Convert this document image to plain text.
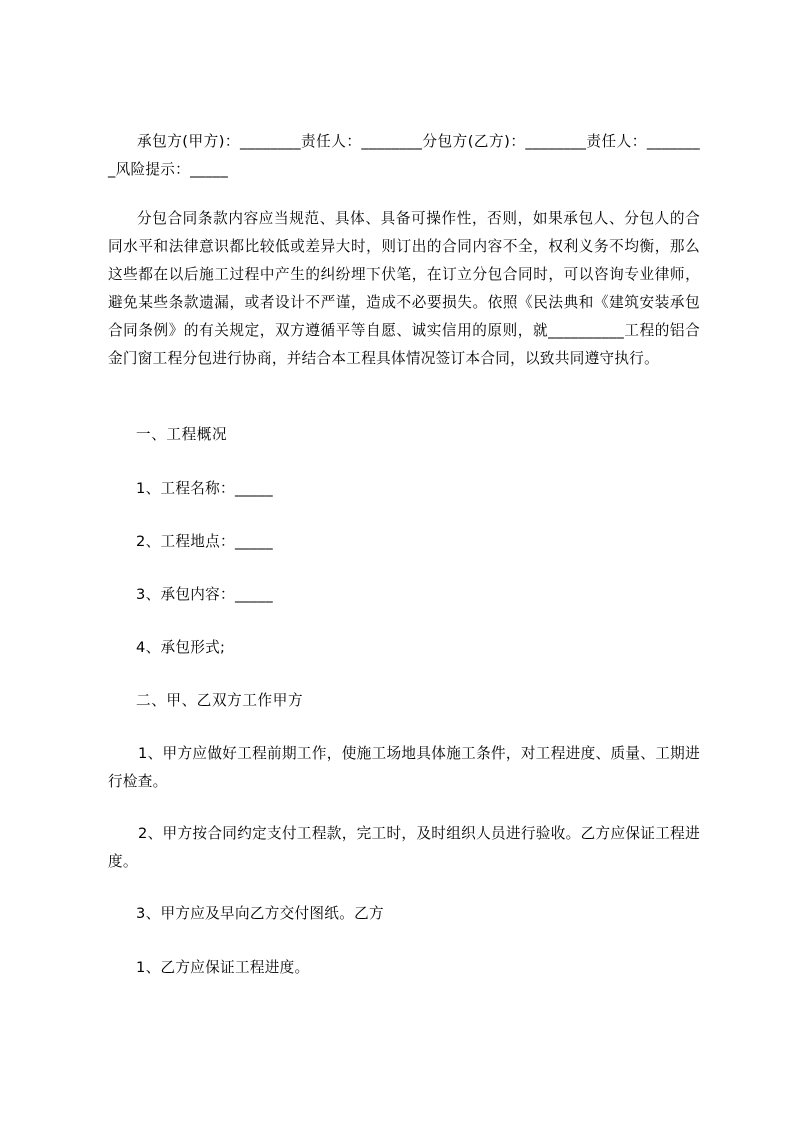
承包方(甲方)：________责任人：________分包方(乙方)：________责任人：________风险提示：_____

分包合同条款内容应当规范、具体、具备可操作性，否则，如果承包人、分包人的合同水平和法律意识都比较低或差异大时，则订出的合同内容不全，权利义务不均衡，那么这些都在以后施工过程中产生的纠纷埋下伏笔，在订立分包合同时，可以咨询专业律师，避免某些条款遗漏，或者设计不严谨，造成不必要损失。依照《民法典和《建筑安装承包合同条例》的有关规定，双方遵循平等自愿、诚实信用的原则，就__________工程的铝合金门窗工程分包进行协商，并结合本工程具体情况签订本合同，以致共同遵守执行。

一、工程概况

1、工程名称：_____

2、工程地点：_____

3、承包内容：_____

4、承包形式;

二、甲、乙双方工作甲方

1、甲方应做好工程前期工作，使施工场地具体施工条件，对工程进度、质量、工期进行检查。

2、甲方按合同约定支付工程款，完工时，及时组织人员进行验收。乙方应保证工程进度。

3、甲方应及早向乙方交付图纸。乙方

1、乙方应保证工程进度。
